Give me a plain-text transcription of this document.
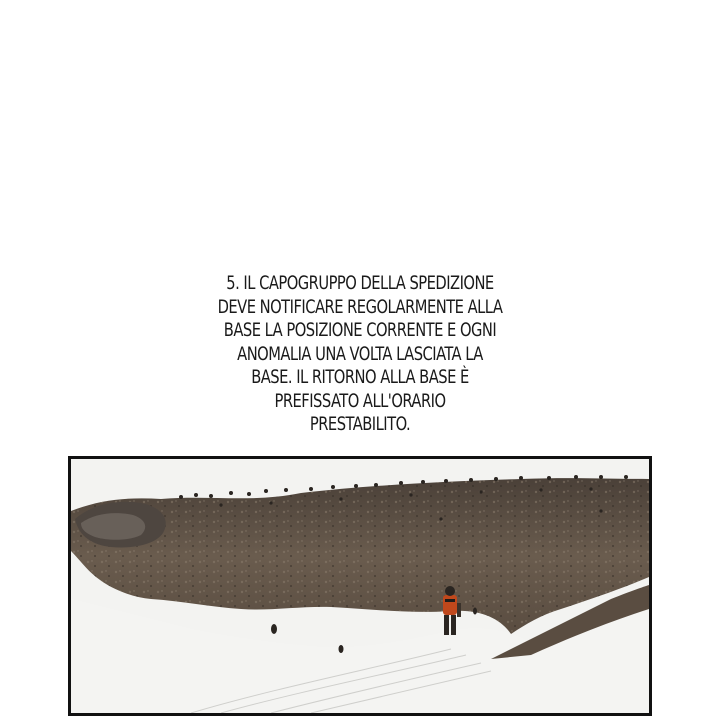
5. IL CAPOGRUPPO DELLA SPEDIZIONE
DEVE NOTIFICARE REGOLARMENTE ALLA
BASE LA POSIZIONE CORRENTE E OGNI
ANOMALIA UNA VOLTA LASCIATA LA
BASE. IL RITORNO ALLA BASE È
PREFISSATO ALL'ORARIO
PRESTABILITO.
